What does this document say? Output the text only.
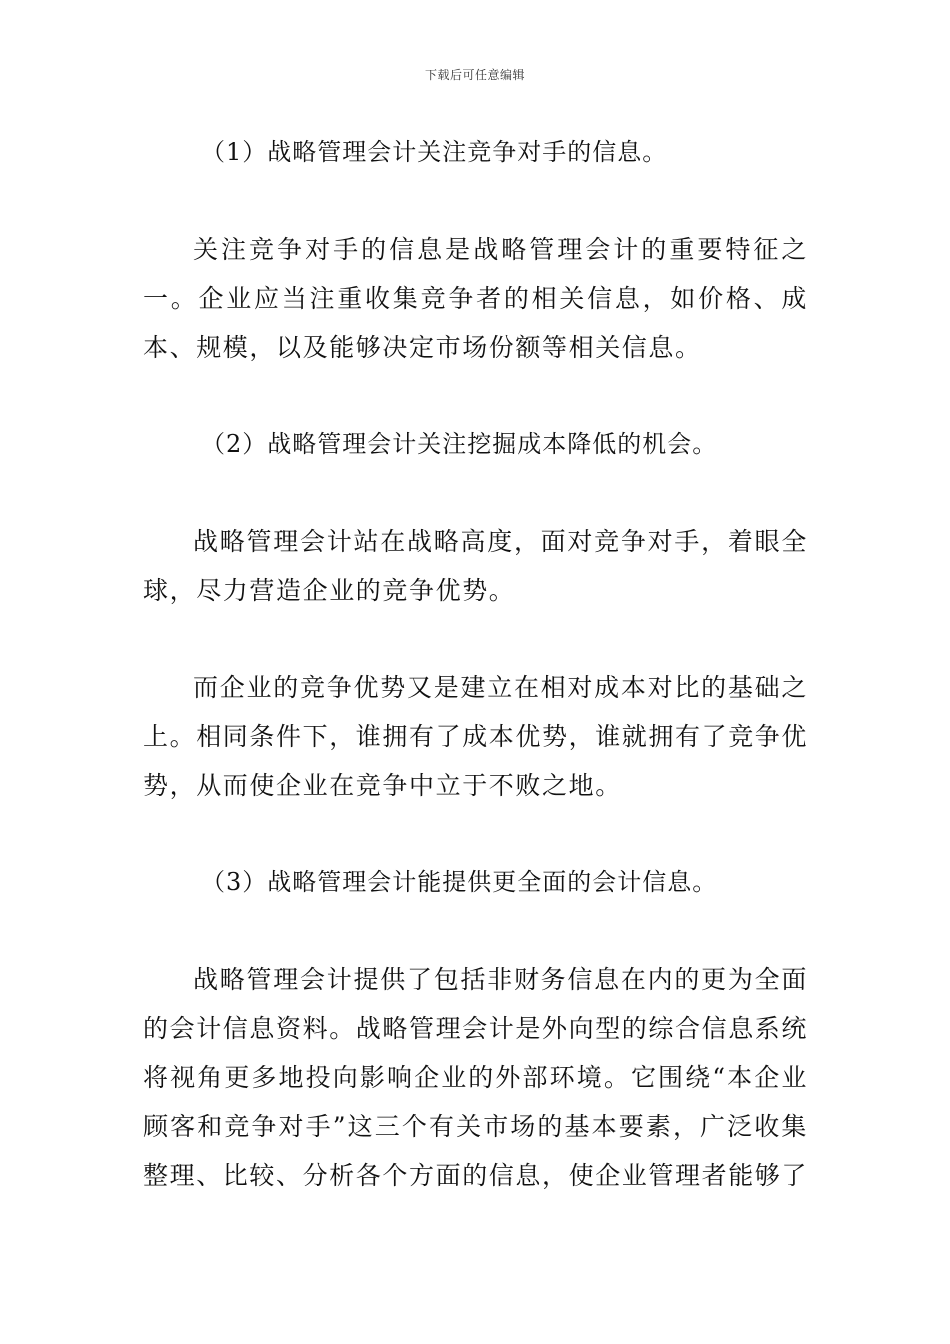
下载后可任意编辑
（1）战略管理会计关注竞争对手的信息。

关注竞争对手的信息是战略管理会计的重要特征之一。企业应当注重收集竞争者的相关信息，如价格、成本、规模，以及能够决定市场份额等相关信息。

（2）战略管理会计关注挖掘成本降低的机会。

战略管理会计站在战略高度，面对竞争对手，着眼全球，尽力营造企业的竞争优势。

而企业的竞争优势又是建立在相对成本对比的基础之上。相同条件下，谁拥有了成本优势，谁就拥有了竞争优势，从而使企业在竞争中立于不败之地。

（3）战略管理会计能提供更全面的会计信息。

战略管理会计提供了包括非财务信息在内的更为全面的会计信息资料。战略管理会计是外向型的综合信息系统将视角更多地投向影响企业的外部环境。它围绕“本企业顾客和竞争对手”这三个有关市场的基本要素，广泛收集整理、比较、分析各个方面的信息，使企业管理者能够了
